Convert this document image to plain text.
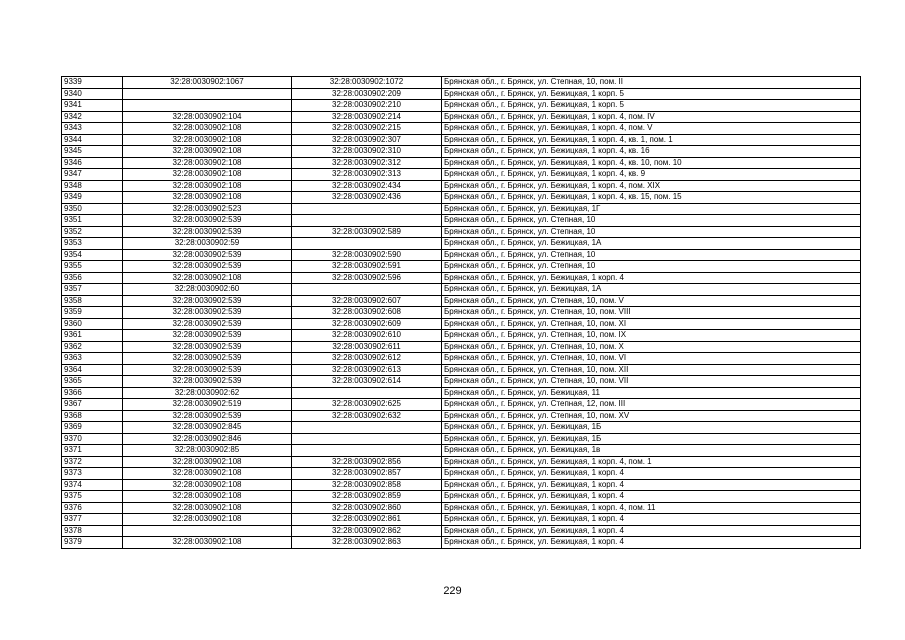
9339	32:28:0030902:1067	32:28:0030902:1072	Брянская обл., г. Брянск, ул. Степная, 10, пом. II
9340		32:28:0030902:209	Брянская обл., г. Брянск, ул. Бежицкая, 1 корп. 5
9341		32:28:0030902:210	Брянская обл., г. Брянск, ул. Бежицкая, 1 корп. 5
9342	32:28:0030902:104	32:28:0030902:214	Брянская обл., г. Брянск, ул. Бежицкая, 1 корп. 4, пом. IV
9343	32:28:0030902:108	32:28:0030902:215	Брянская обл., г. Брянск, ул. Бежицкая, 1 корп. 4, пом. V
9344	32:28:0030902:108	32:28:0030902:307	Брянская обл., г. Брянск, ул. Бежицкая, 1 корп. 4, кв. 1, пом. 1
9345	32:28:0030902:108	32:28:0030902:310	Брянская обл., г. Брянск, ул. Бежицкая, 1 корп. 4, кв. 16
9346	32:28:0030902:108	32:28:0030902:312	Брянская обл., г. Брянск, ул. Бежицкая, 1 корп. 4, кв. 10, пом. 10
9347	32:28:0030902:108	32:28:0030902:313	Брянская обл., г. Брянск, ул. Бежицкая, 1 корп. 4, кв. 9
9348	32:28:0030902:108	32:28:0030902:434	Брянская обл., г. Брянск, ул. Бежицкая, 1 корп. 4, пом. XIX
9349	32:28:0030902:108	32:28:0030902:436	Брянская обл., г. Брянск, ул. Бежицкая, 1 корп. 4, кв. 15, пом. 15
9350	32:28:0030902:523		Брянская обл., г. Брянск, ул. Бежицкая, 1Г
9351	32:28:0030902:539		Брянская обл., г. Брянск, ул. Степная, 10
9352	32:28:0030902:539	32:28:0030902:589	Брянская обл., г. Брянск, ул. Степная, 10
9353	32:28:0030902:59		Брянская обл., г. Брянск, ул. Бежицкая, 1А
9354	32:28:0030902:539	32:28:0030902:590	Брянская обл., г. Брянск, ул. Степная, 10
9355	32:28:0030902:539	32:28:0030902:591	Брянская обл., г. Брянск, ул. Степная, 10
9356	32:28:0030902:108	32:28:0030902:596	Брянская обл., г. Брянск, ул. Бежицкая, 1 корп. 4
9357	32:28:0030902:60		Брянская обл., г. Брянск, ул. Бежицкая, 1А
9358	32:28:0030902:539	32:28:0030902:607	Брянская обл., г. Брянск, ул. Степная, 10, пом. V
9359	32:28:0030902:539	32:28:0030902:608	Брянская обл., г. Брянск, ул. Степная, 10, пом. VIII
9360	32:28:0030902:539	32:28:0030902:609	Брянская обл., г. Брянск, ул. Степная, 10, пом. XI
9361	32:28:0030902:539	32:28:0030902:610	Брянская обл., г. Брянск, ул. Степная, 10, пом. IX
9362	32:28:0030902:539	32:28:0030902:611	Брянская обл., г. Брянск, ул. Степная, 10, пом. X
9363	32:28:0030902:539	32:28:0030902:612	Брянская обл., г. Брянск, ул. Степная, 10, пом. VI
9364	32:28:0030902:539	32:28:0030902:613	Брянская обл., г. Брянск, ул. Степная, 10, пом. XII
9365	32:28:0030902:539	32:28:0030902:614	Брянская обл., г. Брянск, ул. Степная, 10, пом. VII
9366	32:28:0030902:62		Брянская обл., г. Брянск, ул. Бежицкая, 11
9367	32:28:0030902:519	32:28:0030902:625	Брянская обл., г. Брянск, ул. Степная, 12, пом. III
9368	32:28:0030902:539	32:28:0030902:632	Брянская обл., г. Брянск, ул. Степная, 10, пом. XV
9369	32:28:0030902:845		Брянская обл., г. Брянск, ул. Бежицкая, 1Б
9370	32:28:0030902:846		Брянская обл., г. Брянск, ул. Бежицкая, 1Б
9371	32:28:0030902:85		Брянская обл., г. Брянск, ул. Бежицкая, 1в
9372	32:28:0030902:108	32:28:0030902:856	Брянская обл., г. Брянск, ул. Бежицкая, 1 корп. 4, пом. 1
9373	32:28:0030902:108	32:28:0030902:857	Брянская обл., г. Брянск, ул. Бежицкая, 1 корп. 4
9374	32:28:0030902:108	32:28:0030902:858	Брянская обл., г. Брянск, ул. Бежицкая, 1 корп. 4
9375	32:28:0030902:108	32:28:0030902:859	Брянская обл., г. Брянск, ул. Бежицкая, 1 корп. 4
9376	32:28:0030902:108	32:28:0030902:860	Брянская обл., г. Брянск, ул. Бежицкая, 1 корп. 4, пом. 11
9377	32:28:0030902:108	32:28:0030902:861	Брянская обл., г. Брянск, ул. Бежицкая, 1 корп. 4
9378		32:28:0030902:862	Брянская обл., г. Брянск, ул. Бежицкая, 1 корп. 4
9379	32:28:0030902:108	32:28:0030902:863	Брянская обл., г. Брянск, ул. Бежицкая, 1 корп. 4
229
